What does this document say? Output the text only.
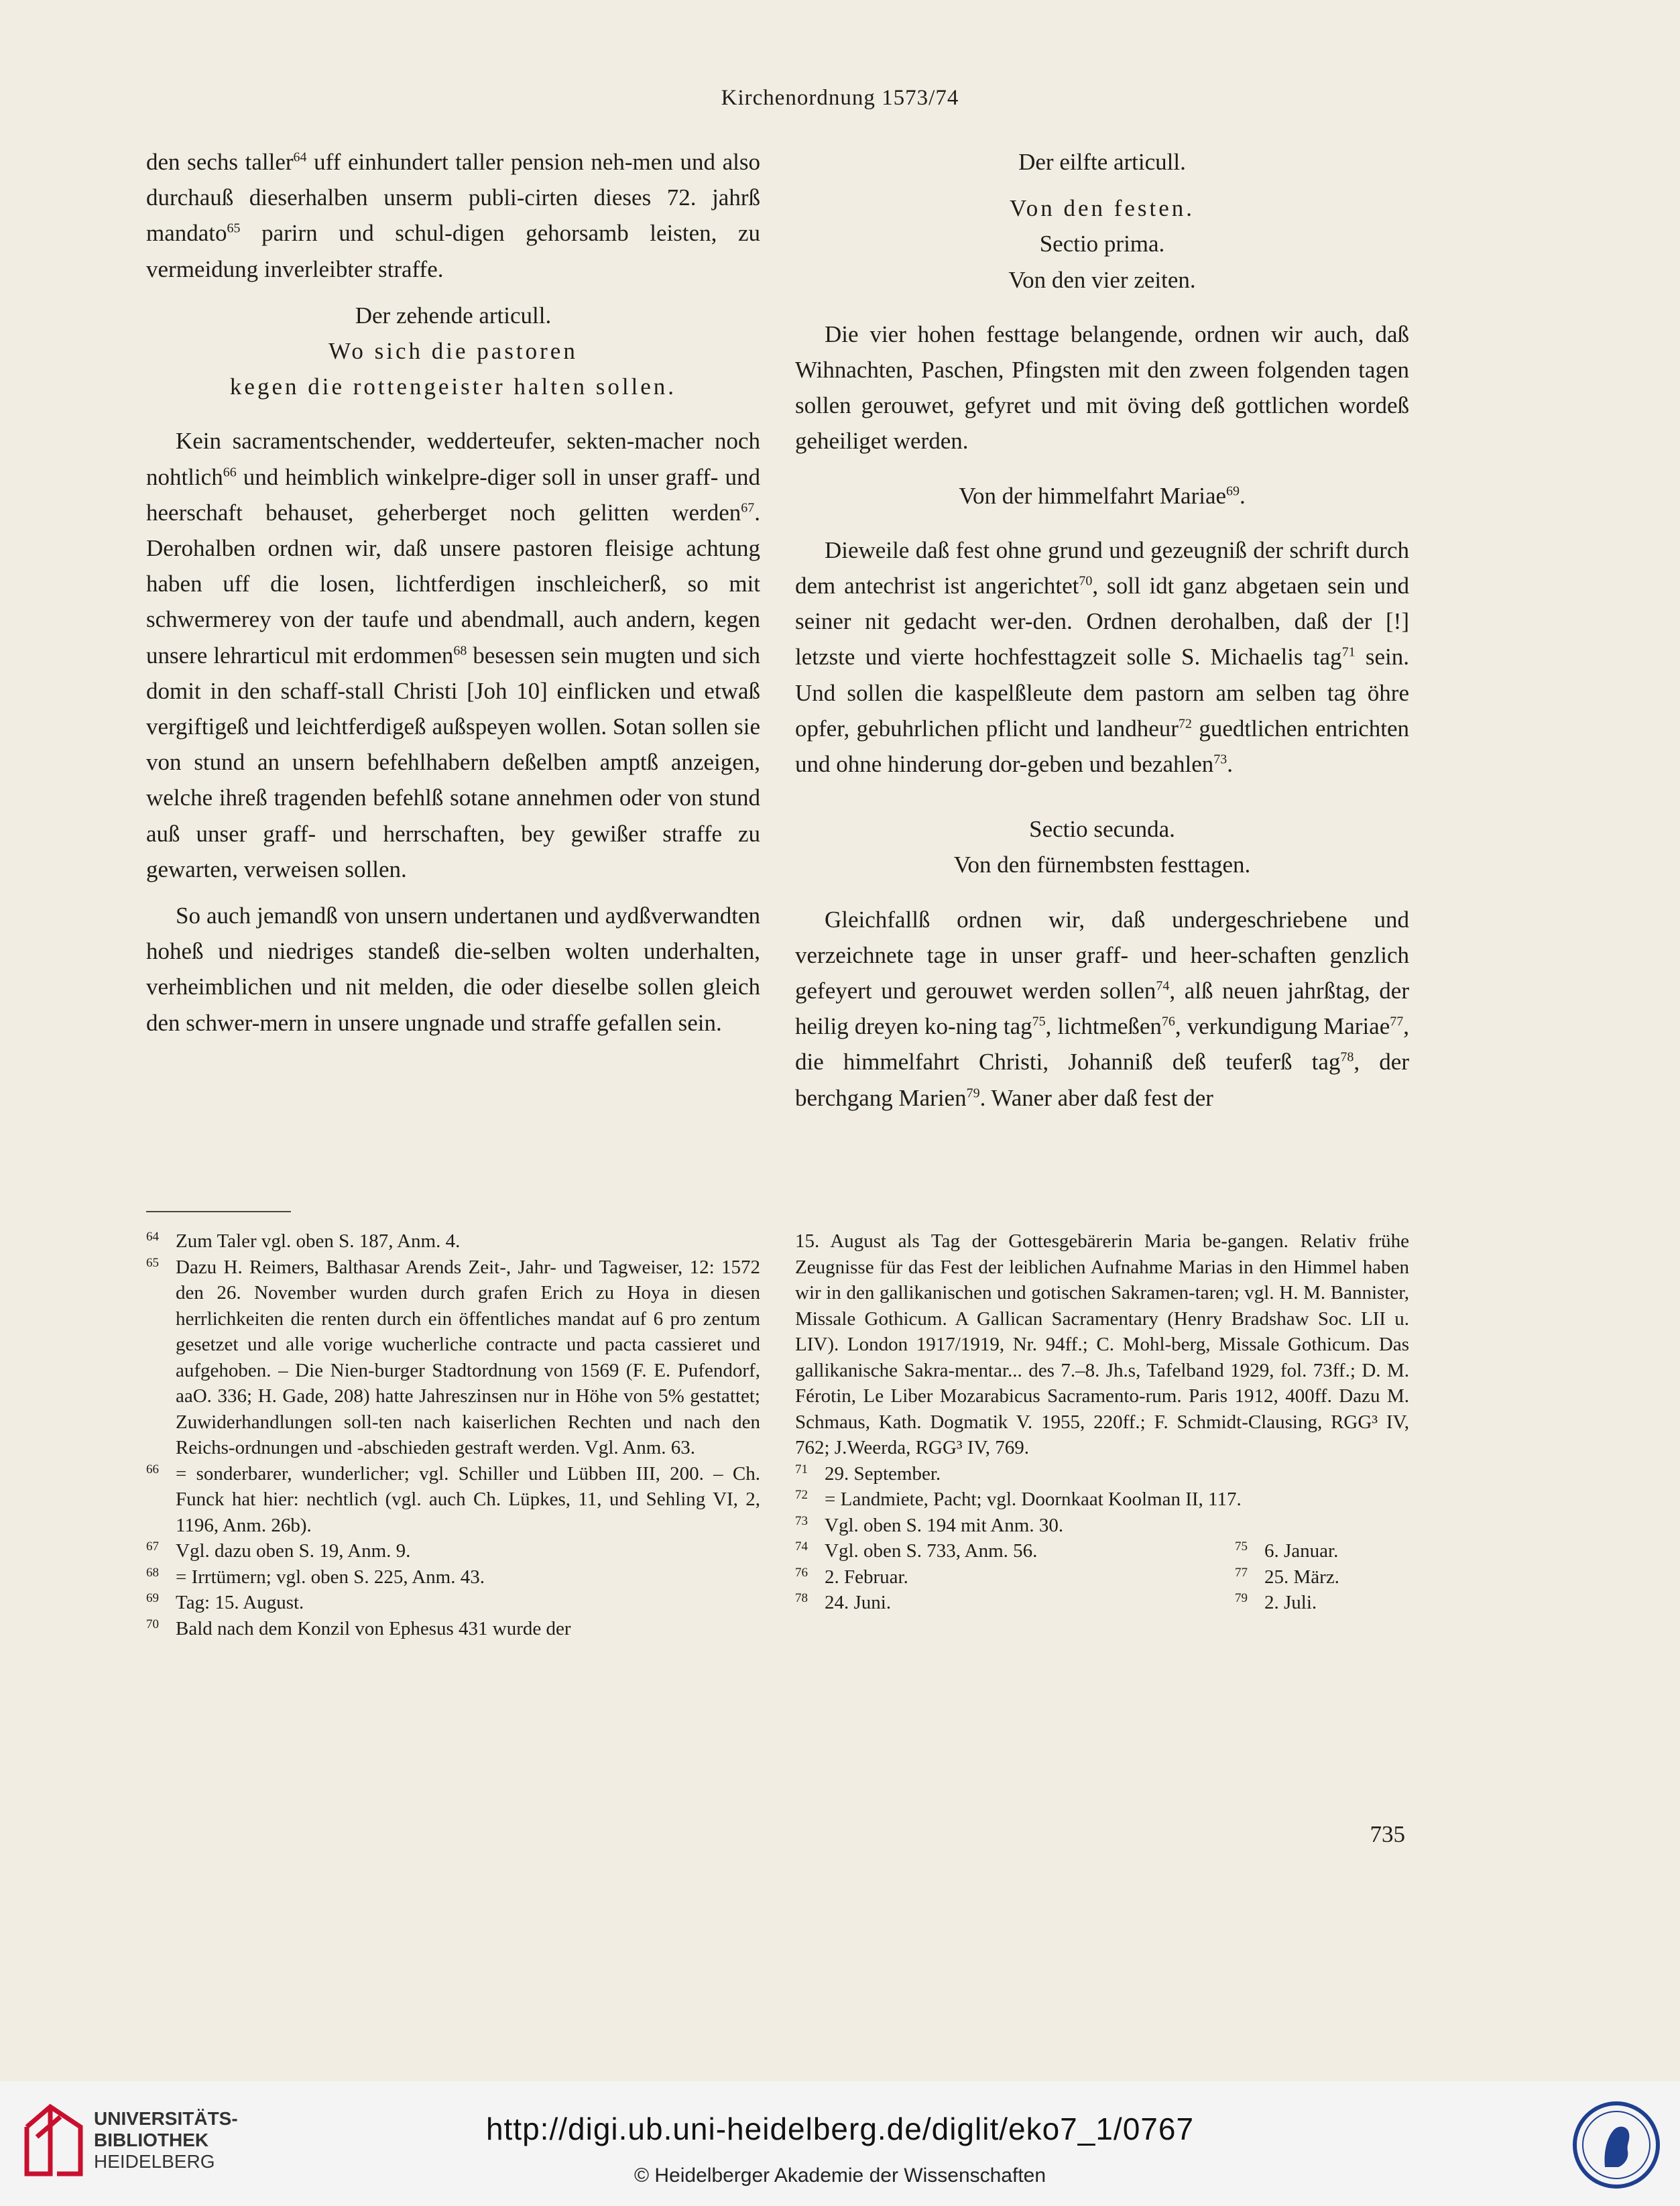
Kirchenordnung 1573/74

den sechs taller$^{64}$ uff einhundert taller pension neh-men und also durchauß dieserhalben unserm publi-cirten dieses 72. jahrß mandato$^{65}$ parirn und schul-digen gehorsamb leisten, zu vermeidung inverleibter straffe.

Der zehende articull.

Wo sich die pastoren

kegen die rottengeister halten sollen.

Kein sacramentschender, wedderteufer, sekten-macher noch nohtlich$^{66}$ und heimblich winkelpre-diger soll in unser graff- und heerschaft behauset, geherberget noch gelitten werden$^{67}$. Derohalben ordnen wir, daß unsere pastoren fleisige achtung haben uff die losen, lichtferdigen inschleicherß, so mit schwermerey von der taufe und abendmall, auch andern, kegen unsere lehrarticul mit erdommen$^{68}$ besessen sein mugten und sich domit in den schaff-stall Christi [Joh 10] einflicken und etwaß vergiftigeß und leichtferdigeß außspeyen wollen. Sotan sollen sie von stund an unsern befehlhabern deßelben amptß anzeigen, welche ihreß tragenden befehlß sotane annehmen oder von stund auß unser graff- und herrschaften, bey gewißer straffe zu gewarten, verweisen sollen.

So auch jemandß von unsern undertanen und aydßverwandten hoheß und niedriges standeß die-selben wolten underhalten, verheimblichen und nit melden, die oder dieselbe sollen gleich den schwer-mern in unsere ungnade und straffe gefallen sein.

Der eilfte articull.

Von den festen.

Sectio prima.

Von den vier zeiten.

Die vier hohen festtage belangende, ordnen wir auch, daß Wihnachten, Paschen, Pfingsten mit den zween folgenden tagen sollen gerouwet, gefyret und mit öving deß gottlichen wordeß geheiliget werden.

Von der himmelfahrt Mariae$^{69}$.

Dieweile daß fest ohne grund und gezeugniß der schrift durch dem antechrist ist angerichtet$^{70}$, soll idt ganz abgetaen sein und seiner nit gedacht wer-den. Ordnen derohalben, daß der [!] letzste und vierte hochfesttagzeit solle S. Michaelis tag$^{71}$ sein. Und sollen die kaspelßleute dem pastorn am selben tag öhre opfer, gebuhrlichen pflicht und landheur$^{72}$ guedtlichen entrichten und ohne hinderung dor-geben und bezahlen$^{73}$.

Sectio secunda.

Von den fürnembsten festtagen.

Gleichfallß ordnen wir, daß undergeschriebene und verzeichnete tage in unser graff- und heer-schaften genzlich gefeyert und gerouwet werden sollen$^{74}$, alß neuen jahrßtag, der heilig dreyen ko-ning tag$^{75}$, lichtmeßen$^{76}$, verkundigung Mariae$^{77}$, die himmelfahrt Christi, Johanniß deß teuferß tag$^{78}$, der berchgang Marien$^{79}$. Waner aber daß fest der

64 Zum Taler vgl. oben S. 187, Anm. 4.

65 Dazu H. Reimers, Balthasar Arends Zeit-, Jahr- und Tagweiser, 12: 1572 den 26. November wurden durch grafen Erich zu Hoya in diesen herrlichkeiten die renten durch ein öffentliches mandat auf 6 pro zentum gesetzet und alle vorige wucherliche contracte und pacta cassieret und aufgehoben. – Die Nien-burger Stadtordnung von 1569 (F. E. Pufendorf, aaO. 336; H. Gade, 208) hatte Jahreszinsen nur in Höhe von 5% gestattet; Zuwiderhandlungen soll-ten nach kaiserlichen Rechten und nach den Reichs-ordnungen und -abschieden gestraft werden. Vgl. Anm. 63.

66 = sonderbarer, wunderlicher; vgl. Schiller und Lübben III, 200. – Ch. Funck hat hier: nechtlich (vgl. auch Ch. Lüpkes, 11, und Sehling VI, 2, 1196, Anm. 26b).

67 Vgl. dazu oben S. 19, Anm. 9.

68 = Irrtümern; vgl. oben S. 225, Anm. 43.

69 Tag: 15. August.

70 Bald nach dem Konzil von Ephesus 431 wurde der

15. August als Tag der Gottesgebärerin Maria be-gangen. Relativ frühe Zeugnisse für das Fest der leiblichen Aufnahme Marias in den Himmel haben wir in den gallikanischen und gotischen Sakramen-taren; vgl. H. M. Bannister, Missale Gothicum. A Gallican Sacramentary (Henry Bradshaw Soc. LII u. LIV). London 1917/1919, Nr. 94ff.; C. Mohl-berg, Missale Gothicum. Das gallikanische Sakra-mentar... des 7.–8. Jh.s, Tafelband 1929, fol. 73ff.; D. M. Férotin, Le Liber Mozarabicus Sacramento-rum. Paris 1912, 400ff. Dazu M. Schmaus, Kath. Dogmatik V. 1955, 220ff.; F. Schmidt-Clausing, RGG³ IV, 762; J.Weerda, RGG³ IV, 769.

71 29. September.

72 = Landmiete, Pacht; vgl. Doornkaat Koolman II, 117.

73 Vgl. oben S. 194 mit Anm. 30.

74 Vgl. oben S. 733, Anm. 56.	75 6. Januar.

76 2. Februar.	77 25. März.

78 24. Juni.	79 2. Juli.

735
UNIVERSITÄTS-
BIBLIOTHEK
HEIDELBERG
http://digi.ub.uni-heidelberg.de/diglit/eko7_1/0767
© Heidelberger Akademie der Wissenschaften
